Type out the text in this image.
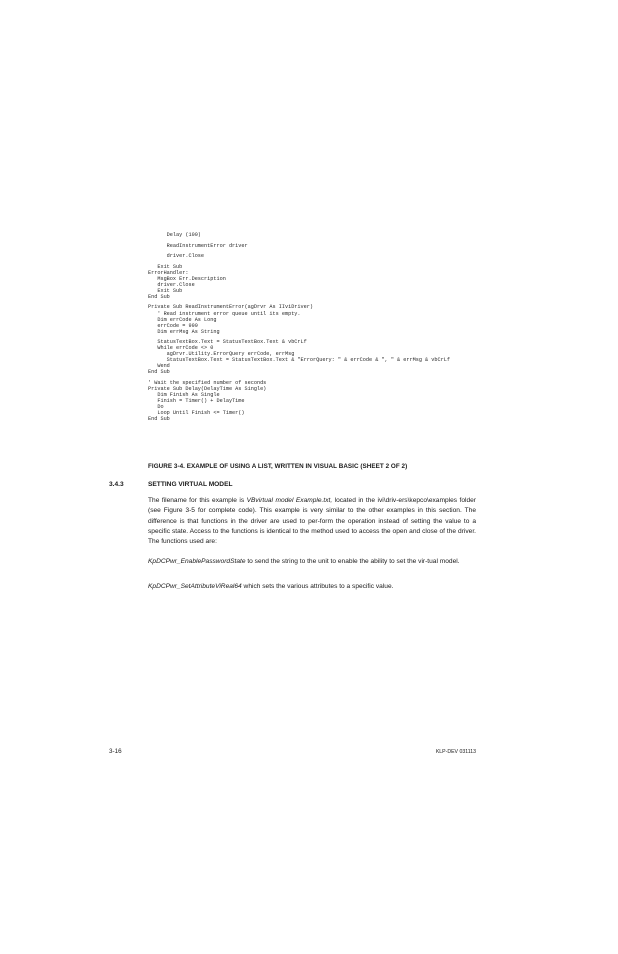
Delay (100)
ReadInstrumentError driver
driver.Close
Exit Sub
ErrorHandler:
MsgBox Err.Description
driver.Close
Exit Sub
End Sub
Private Sub ReadInstrumentError(agDrvr As IIviDriver)
' Read instrument error queue until its empty.
Dim errCode As Long
errCode = 999
Dim errMsg As String
StatusTextBox.Text = StatusTextBox.Text & vbCrLf
While errCode <> 0
agDrvr.Utility.ErrorQuery errCode, errMsg
StatusTextBox.Text = StatusTextBox.Text & "ErrorQuery: " & errCode & ", " & errMsg & vbCrLf
Wend
End Sub
' Wait the specified number of seconds
Private Sub Delay(DelayTime As Single)
Dim Finish As Single
Finish = Timer() + DelayTime
Do
Loop Until Finish <= Timer()
End Sub
FIGURE 3-4. EXAMPLE OF USING A LIST, WRITTEN IN VISUAL BASIC (SHEET 2 OF 2)
3.4.3	SETTING VIRTUAL MODEL

The filename for this example is VBvirtual model Example.txt, located in the ivi\driv-ers\kepco\examples folder (see Figure 3-5 for complete code). This example is very similar to the other examples in this section. The difference is that functions in the driver are used to per-form the operation instead of setting the value to a specific state. Access to the functions is identical to the method used to access the open and close of the driver. The functions used are:

KpDCPwr_EnablePasswordState to send the string to the unit to enable the ability to set the vir-tual model.

KpDCPwr_SetAttributeViReal64 which sets the various attributes to a specific value.

3-16	KLP-DEV 031113
